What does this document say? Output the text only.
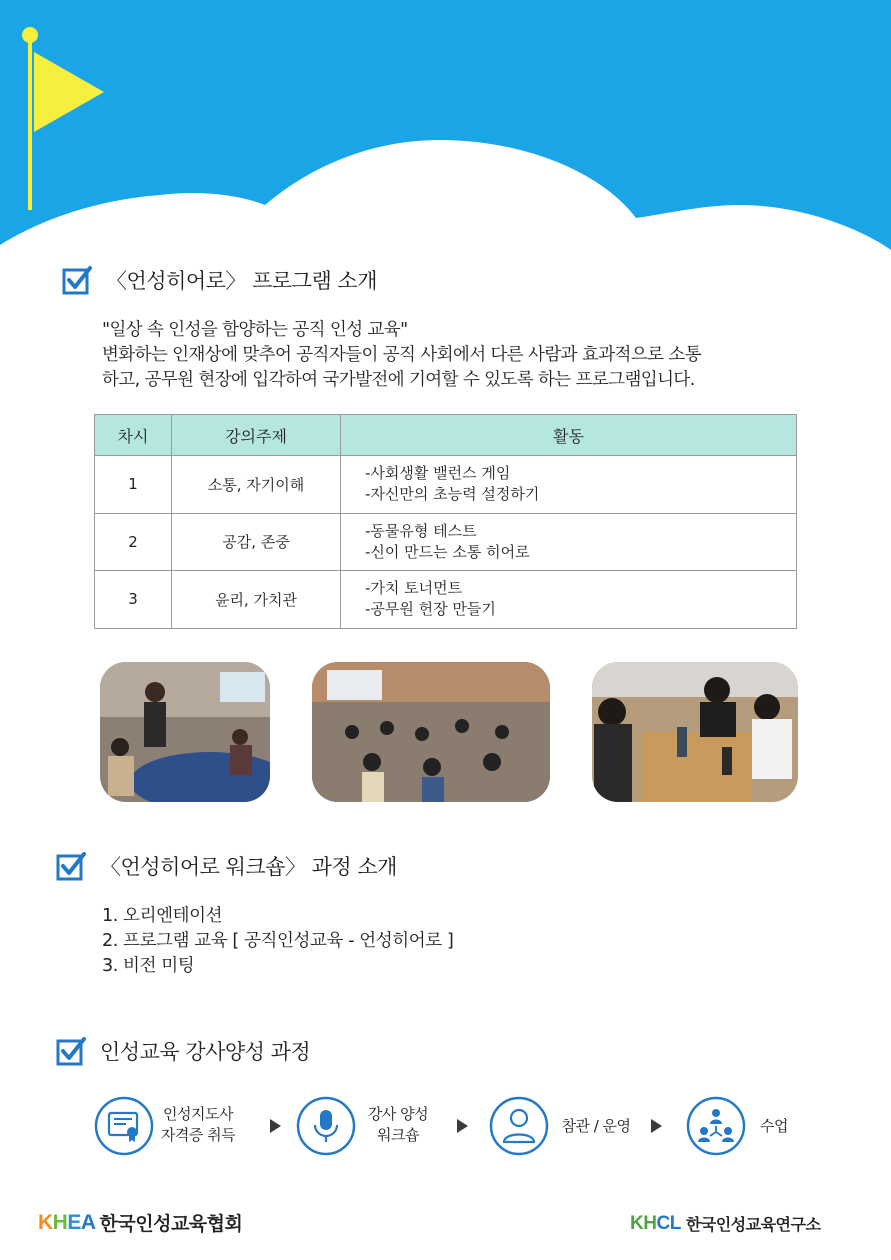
〈언성히어로〉 프로그램 소개
"일상 속 인성을 함양하는 공직 인성 교육"
변화하는 인재상에 맞추어 공직자들이 공직 사회에서 다른 사람과 효과적으로 소통
하고, 공무원 현장에 입각하여 국가발전에 기여할 수 있도록 하는 프로그램입니다.
차시	강의주제	활동
1	소통, 자기이해	-사회생활 밸런스 게임
-자신만의 초능력 설정하기

2	공감, 존중	-동물유형 테스트
-신이 만드는 소통 히어로

3	윤리, 가치관	-가치 토너먼트
-공무원 헌장 만들기
〈언성히어로 워크숍〉 과정 소개
1. 오리엔테이션
2. 프로그램 교육 [ 공직인성교육 - 언성히어로 ]
3. 비전 미팅
인성교육 강사양성 과정
인성지도사
자격증 취득
강사 양성
워크숍	참관 / 운영	수업
KHEA 한국인성교육협회	KHCL 한국인성교육연구소
